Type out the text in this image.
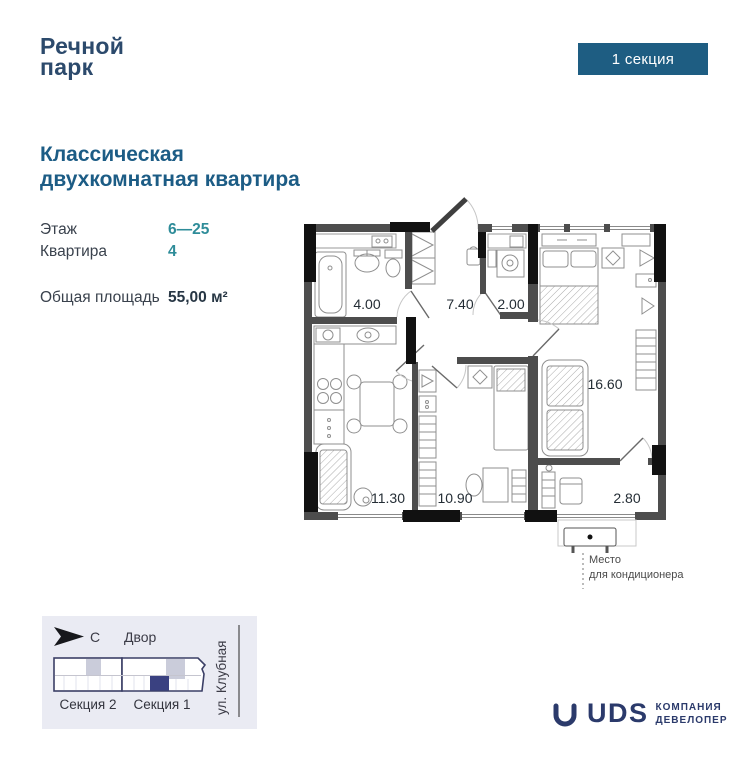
Речной
парк	1 секция
Классическая
двухкомнатная квартира
Этаж	6—25
Квартира	4
Общая площадь 55,00 м²	4.00	7.40 2.00
16.60
11.30 10.90	2.80
Место
для кондиционера
С Двор
Секция 2 Секция 1 ул. Клубная	UDS КОМПАНИЯ
ДЕВЕЛОПЕР
